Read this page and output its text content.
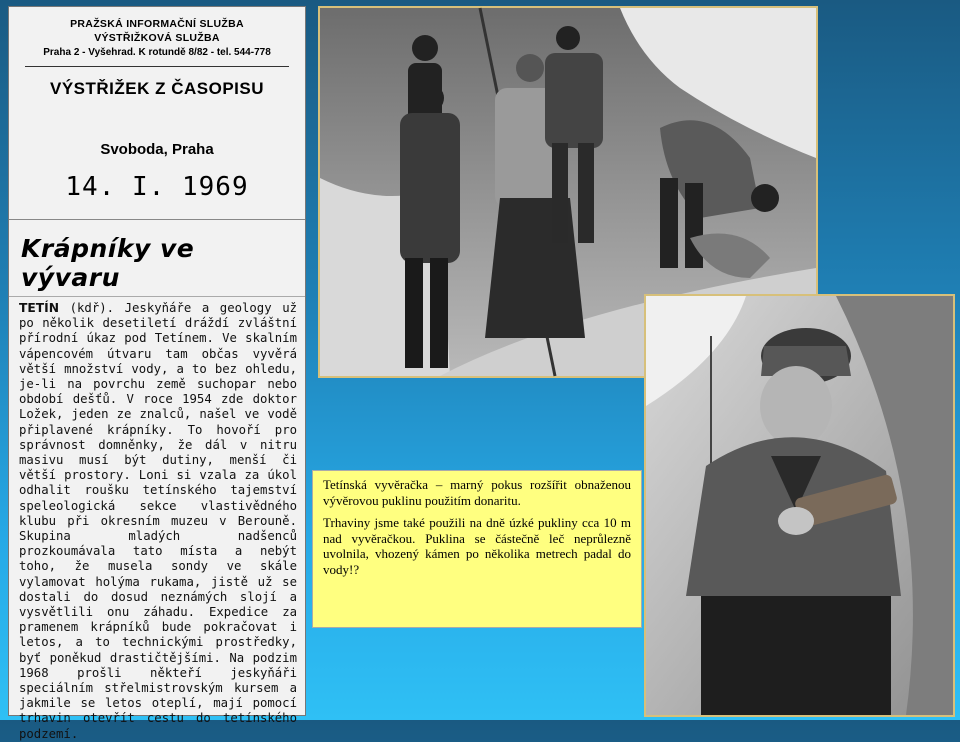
PRAŽSKÁ INFORMAČNÍ SLUŽBA
VÝSTŘIŽKOVÁ SLUŽBA
Praha 2 - Vyšehrad. K rotundě 8/82 - tel. 544-778
VÝSTŘIŽEK Z ČASOPISU
Svoboda, Praha
14. I. 1969
Krápníky ve vývaru
TETÍN (kdř). Jeskyňáře a geology už po několik desetiletí dráždí zvláštní přírodní úkaz pod Tetínem. Ve skalním vápencovém útvaru tam občas vyvěrá větší množství vody, a to bez ohledu, je-li na povrchu země suchopar nebo období dešťů. V roce 1954 zde doktor Ložek, jeden ze znalců, našel ve vodě připlavené krápníky. To hovoří pro správnost domněnky, že dál v nitru masivu musí být dutiny, menší či větší prostory. Loni si vzala za úkol odhalit roušku tetínského tajemství speleologická sekce vlastivědného klubu při okresním muzeu v Berouně. Skupina mladých nadšenců prozkoumávala tato místa a nebýt toho, že musela sondy ve skále vylamovat holýma rukama, jistě už se dostali do dosud neznámých slojí a vysvětlili onu záhadu. Expedice za pramenem krápníků bude pokračovat i letos, a to technickými prostředky, byť poněkud drastičtějšími. Na podzim 1968 prošli někteří jeskyňáři speciálním střelmistrovským kursem a jakmile se letos oteplí, mají pomocí trhavin otevřít cestu do tetínského podzemí.

Tetínská vyvěračka – marný pokus rozšířit obnaženou vývěrovou puklinu použitím donaritu.

Trhaviny jsme také použili na dně úzké pukliny cca 10 m nad vyvěračkou. Puklina se částečně leč neprůlezně uvolnila, vhozený kámen po několika metrech padal do vody!?
